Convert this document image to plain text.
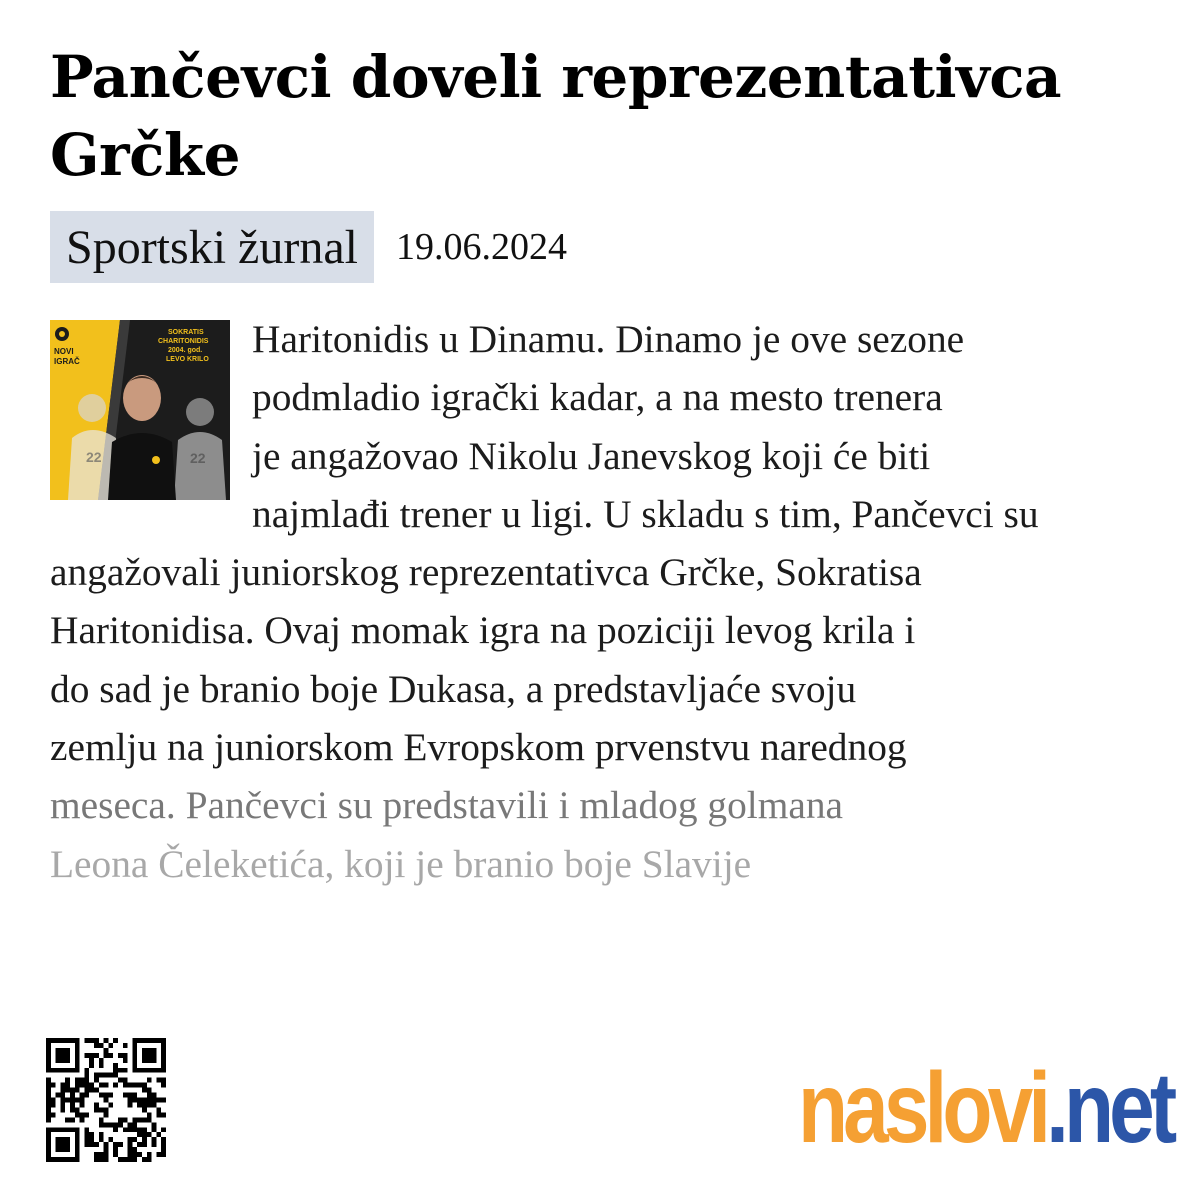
Pančevci doveli reprezentativca Grčke
Sportski žurnal	19.06.2024
22	22
NOVI
IGRAČ
SOKRATIS
CHARITONIDIS
2004. god.
LEVO KRILO	Haritonidis u Dinamu. Dinamo je ove sezone
podmladio igrački kadar, a na mesto trenera
je angažovao Nikolu Janevskog koji će biti
najmlađi trener u ligi. U skladu s tim, Pančevci su
angažovali juniorskog reprezentativca Grčke, Sokratisa
Haritonidisa. Ovaj momak igra na poziciji levog krila i
do sad je branio boje Dukasa, a predstavljaće svoju
zemlju na juniorskom Evropskom prvenstvu narednog
meseca. Pančevci su predstavili i mladog golmana
Leona Čeleketića, koji je branio boje Slavije
naslovi.net
